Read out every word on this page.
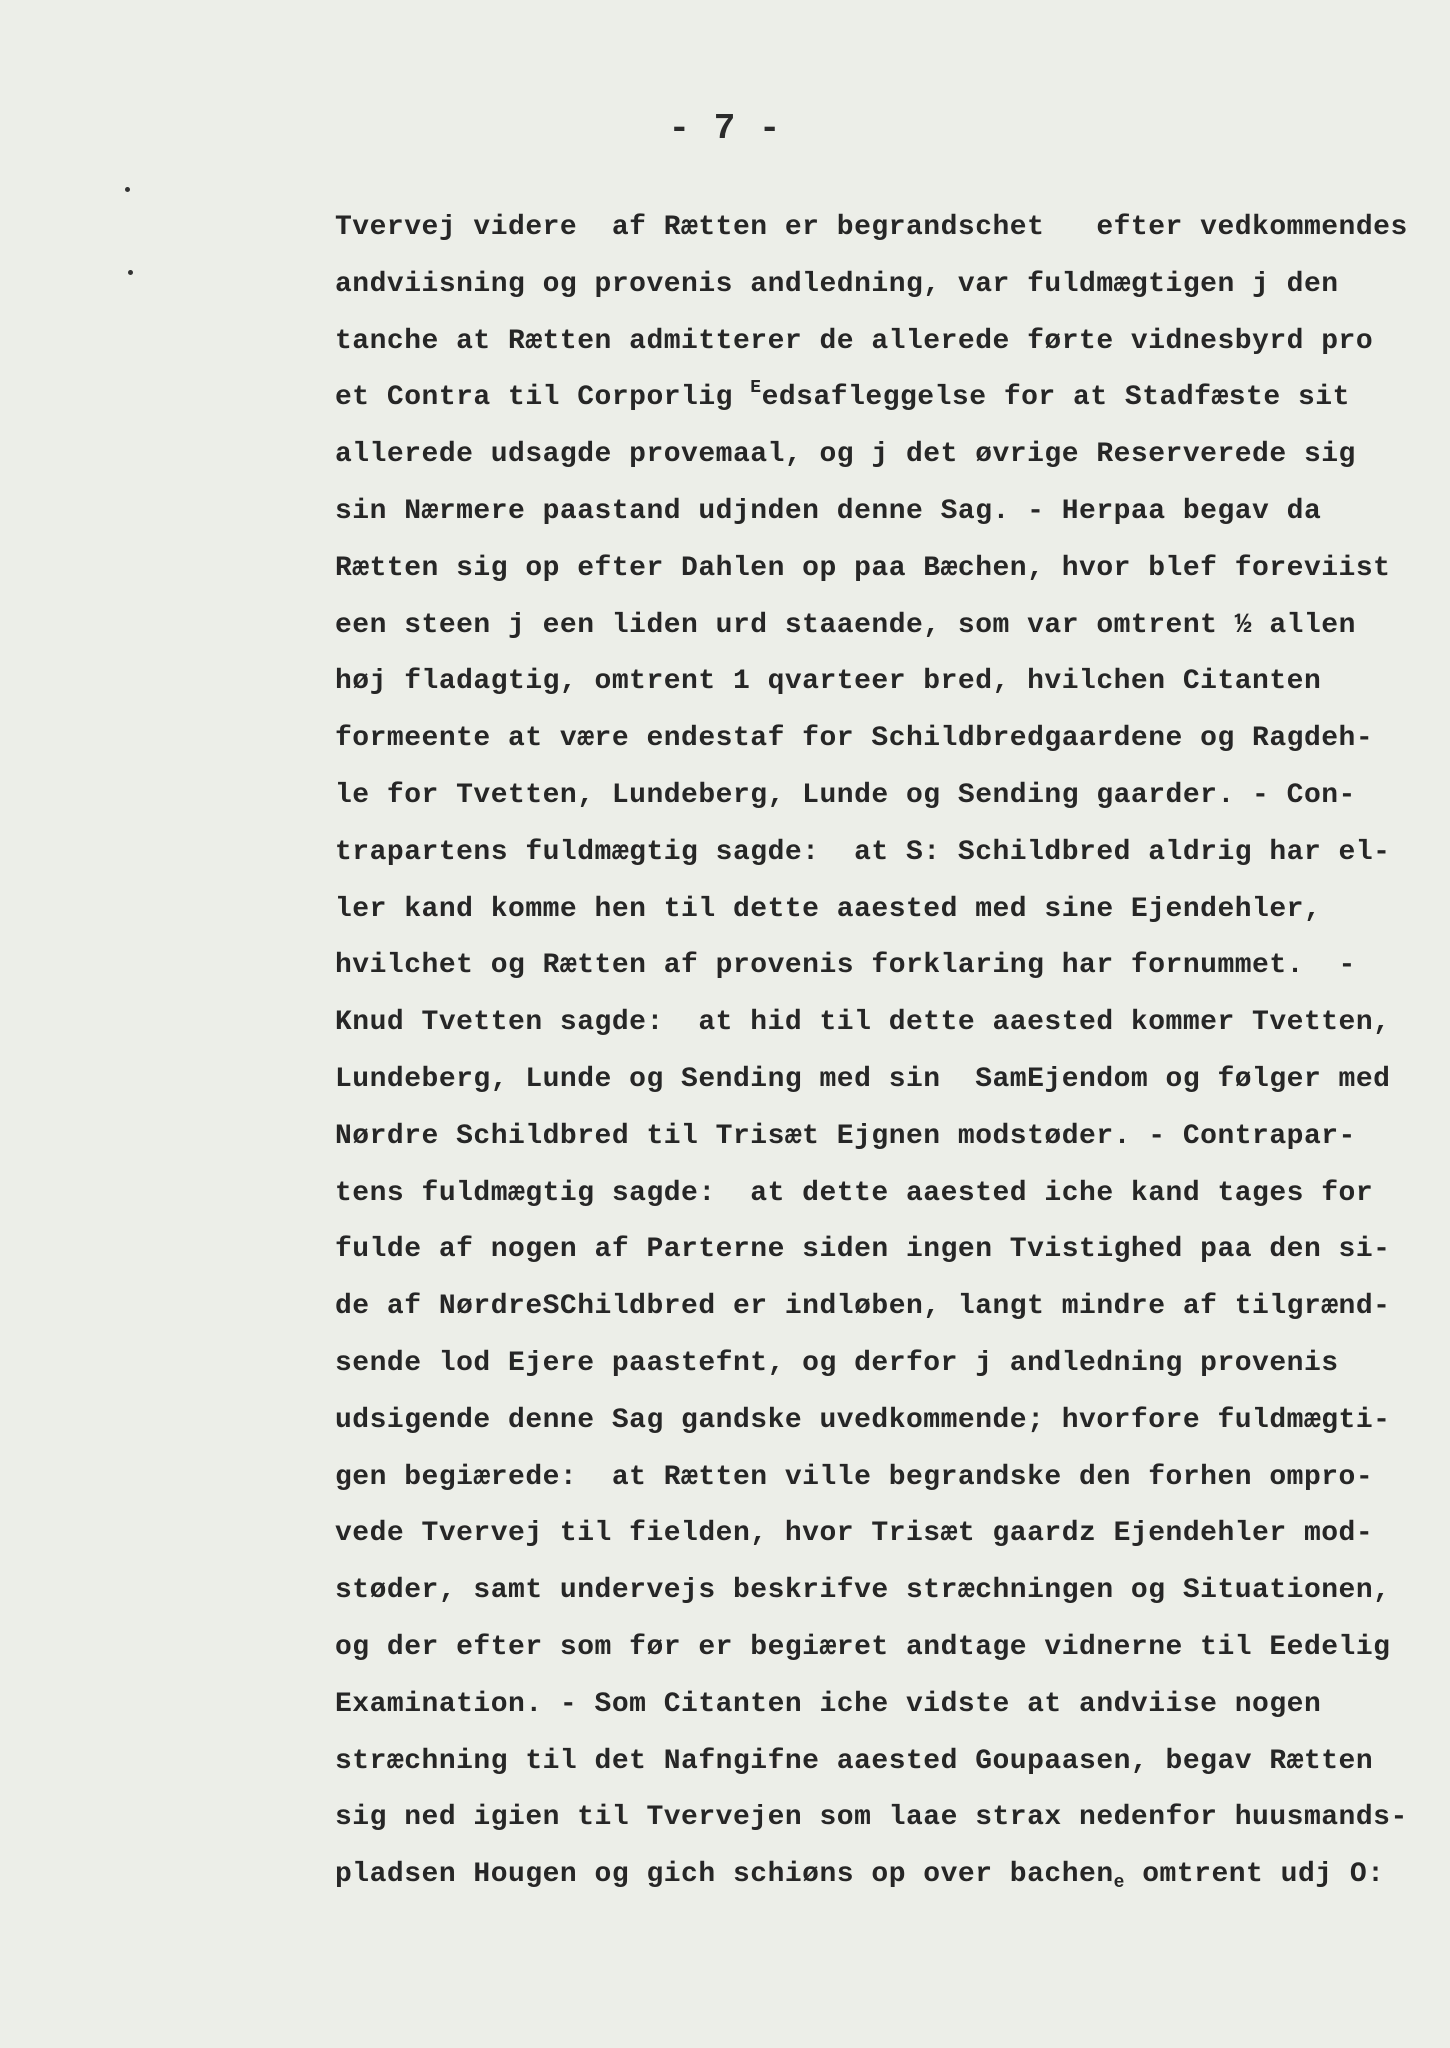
- 7 -
Tvervej videre  af Rætten er begrandschet   efter vedkommendes
andviisning og provenis andledning, var fuldmægtigen j den
tanche at Rætten admitterer de allerede førte vidnesbyrd pro
et Contra til Corporlig $^E$edsafleggelse for at Stadfæste sit
allerede udsagde provemaal, og j det øvrige Reserverede sig
sin Nærmere paastand udjnden denne Sag. - Herpaa begav da
Rætten sig op efter Dahlen op paa Bæchen, hvor blef foreviist
een steen j een liden urd staaende, som var omtrent ½ allen
høj fladagtig, omtrent 1 qvarteer bred, hvilchen Citanten
formeente at være endestaf for Schildbredgaardene og Ragdeh-
le for Tvetten, Lundeberg, Lunde og Sending gaarder. - Con-
trapartens fuldmægtig sagde:  at S: Schildbred aldrig har el-
ler kand komme hen til dette aaested med sine Ejendehler,
hvilchet og Rætten af provenis forklaring har fornummet.  -
Knud Tvetten sagde:  at hid til dette aaested kommer Tvetten,
Lundeberg, Lunde og Sending med sin  SamEjendom og følger med
Nørdre Schildbred til Trisæt Ejgnen modstøder. - Contrapar-
tens fuldmægtig sagde:  at dette aaested iche kand tages for
fulde af nogen af Parterne siden ingen Tvistighed paa den si-
de af NørdreSChildbred er indløben, langt mindre af tilgrænd-
sende lod Ejere paastefnt, og derfor j andledning provenis
udsigende denne Sag gandske uvedkommende; hvorfore fuldmægti-
gen begiærede:  at Rætten ville begrandske den forhen ompro-
vede Tvervej til fielden, hvor Trisæt gaardz Ejendehler mod-
støder, samt undervejs beskrifve stræchningen og Situationen,
og der efter som før er begiæret andtage vidnerne til Eedelig
Examination. - Som Citanten iche vidste at andviise nogen
stræchning til det Nafngifne aaested Goupaasen, begav Rætten
sig ned igien til Tvervejen som laae strax nedenfor huusmands-
pladsen Hougen og gich schiøns op over bachen$_e$ omtrent udj O:
